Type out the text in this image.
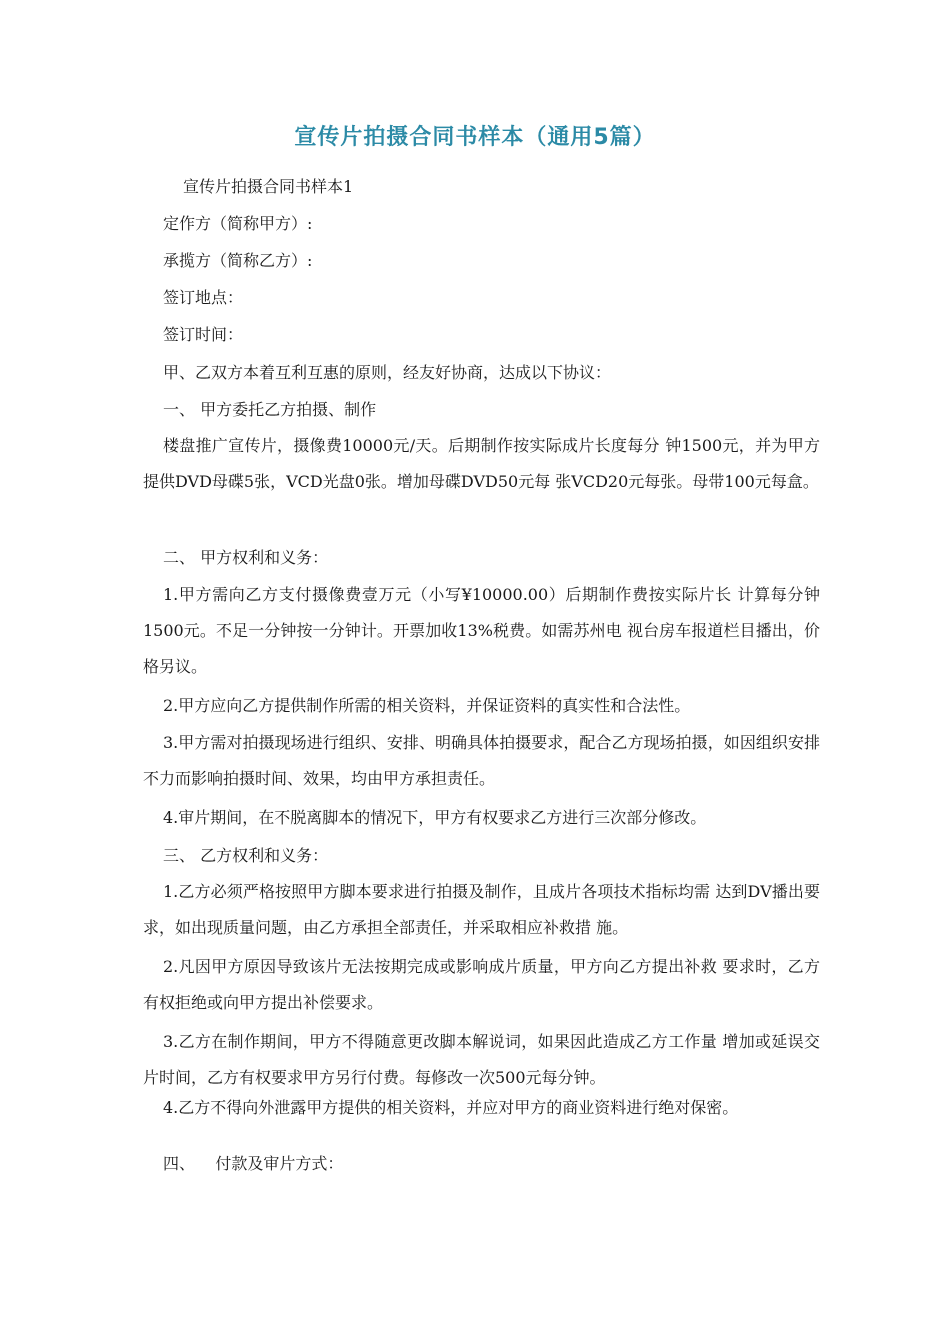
宣传片拍摄合同书样本（通用5篇）
宣传片拍摄合同书样本1
定作方（简称甲方）:
承揽方（简称乙方）:
签订地点：
签订时间：
甲、乙双方本着互利互惠的原则，经友好协商，达成以下协议：
一、 甲方委托乙方拍摄、制作
楼盘推广宣传片，摄像费10000元/天。后期制作按实际成片长度每分 钟1500元，并为甲方提供DVD母碟5张，VCD光盘0张。增加母碟DVD50元每 张VCD20元每张。母带100元每盒。
二、 甲方权利和义务：
1.甲方需向乙方支付摄像费壹万元（小写¥10000.00）后期制作费按实际片长 计算每分钟1500元。不足一分钟按一分钟计。开票加收13%税费。如需苏州电 视台房车报道栏目播出，价格另议。
2.甲方应向乙方提供制作所需的相关资料，并保证资料的真实性和合法性。
3.甲方需对拍摄现场进行组织、安排、明确具体拍摄要求，配合乙方现场拍摄，如因组织安排不力而影响拍摄时间、效果，均由甲方承担责任。
4.审片期间，在不脱离脚本的情况下，甲方有权要求乙方进行三次部分修改。
三、 乙方权利和义务：
1.乙方必须严格按照甲方脚本要求进行拍摄及制作，且成片各项技术指标均需 达到DV播出要求，如出现质量问题，由乙方承担全部责任，并采取相应补救措 施。
2.凡因甲方原因导致该片无法按期完成或影响成片质量，甲方向乙方提出补救 要求时，乙方有权拒绝或向甲方提出补偿要求。
3.乙方在制作期间，甲方不得随意更改脚本解说词，如果因此造成乙方工作量 增加或延误交片时间，乙方有权要求甲方另行付费。每修改一次500元每分钟。
4.乙方不得向外泄露甲方提供的相关资料，并应对甲方的商业资料进行绝对保密。
四、    付款及审片方式：
